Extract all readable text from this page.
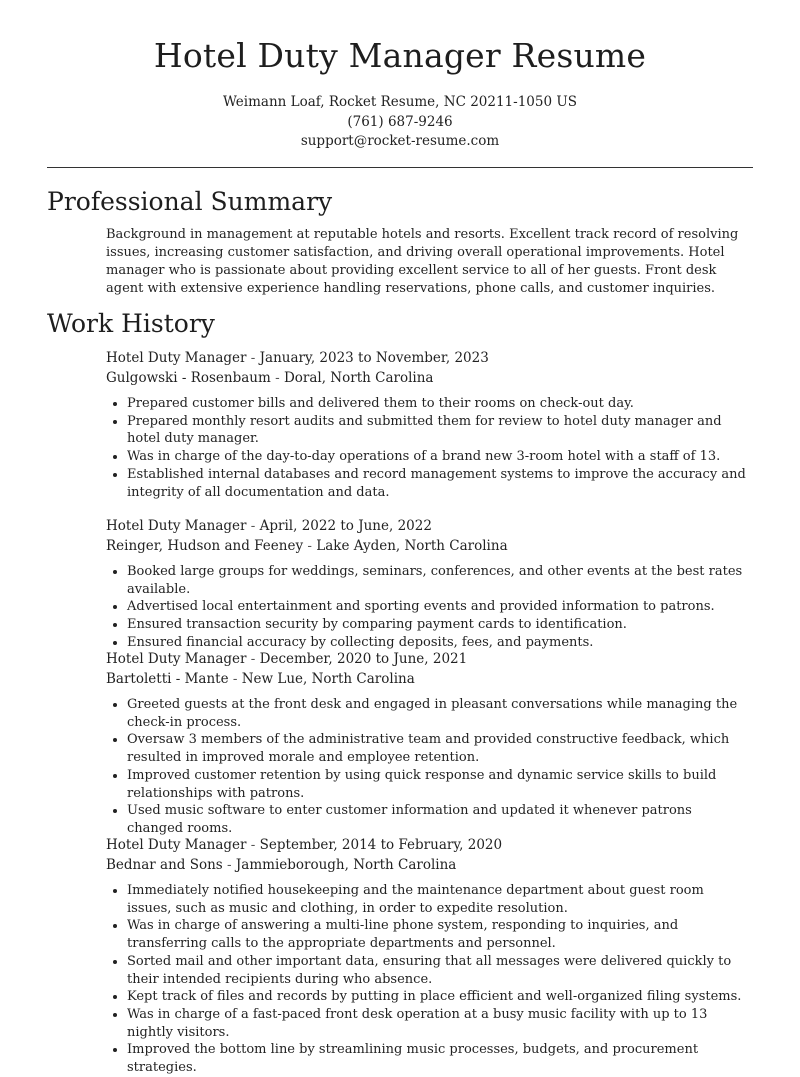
Hotel Duty Manager Resume
Weimann Loaf, Rocket Resume, NC 20211-1050 US
(761) 687-9246
support@rocket-resume.com
Professional Summary

Background in management at reputable hotels and resorts. Excellent track record of resolving issues, increasing customer satisfaction, and driving overall operational improvements. Hotel manager who is passionate about providing excellent service to all of her guests. Front desk agent with extensive experience handling reservations, phone calls, and customer inquiries.

Work History
Hotel Duty Manager - January, 2023 to November, 2023
Gulgowski - Rosenbaum - Doral, North Carolina
• Prepared customer bills and delivered them to their rooms on check-out day.
• Prepared monthly resort audits and submitted them for review to hotel duty manager and hotel duty manager.
• Was in charge of the day-to-day operations of a brand new 3-room hotel with a staff of 13.
• Established internal databases and record management systems to improve the accuracy and integrity of all documentation and data.
Hotel Duty Manager - April, 2022 to June, 2022
Reinger, Hudson and Feeney - Lake Ayden, North Carolina
• Booked large groups for weddings, seminars, conferences, and other events at the best rates available.
• Advertised local entertainment and sporting events and provided information to patrons.
• Ensured transaction security by comparing payment cards to identification.
• Ensured financial accuracy by collecting deposits, fees, and payments.
Hotel Duty Manager - December, 2020 to June, 2021
Bartoletti - Mante - New Lue, North Carolina
• Greeted guests at the front desk and engaged in pleasant conversations while managing the check-in process.
• Oversaw 3 members of the administrative team and provided constructive feedback, which resulted in improved morale and employee retention.
• Improved customer retention by using quick response and dynamic service skills to build relationships with patrons.
• Used music software to enter customer information and updated it whenever patrons changed rooms.
Hotel Duty Manager - September, 2014 to February, 2020
Bednar and Sons - Jammieborough, North Carolina
• Immediately notified housekeeping and the maintenance department about guest room issues, such as music and clothing, in order to expedite resolution.
• Was in charge of answering a multi-line phone system, responding to inquiries, and transferring calls to the appropriate departments and personnel.
• Sorted mail and other important data, ensuring that all messages were delivered quickly to their intended recipients during who absence.
• Kept track of files and records by putting in place efficient and well-organized filing systems.
• Was in charge of a fast-paced front desk operation at a busy music facility with up to 13 nightly visitors.
• Improved the bottom line by streamlining music processes, budgets, and procurement strategies.
